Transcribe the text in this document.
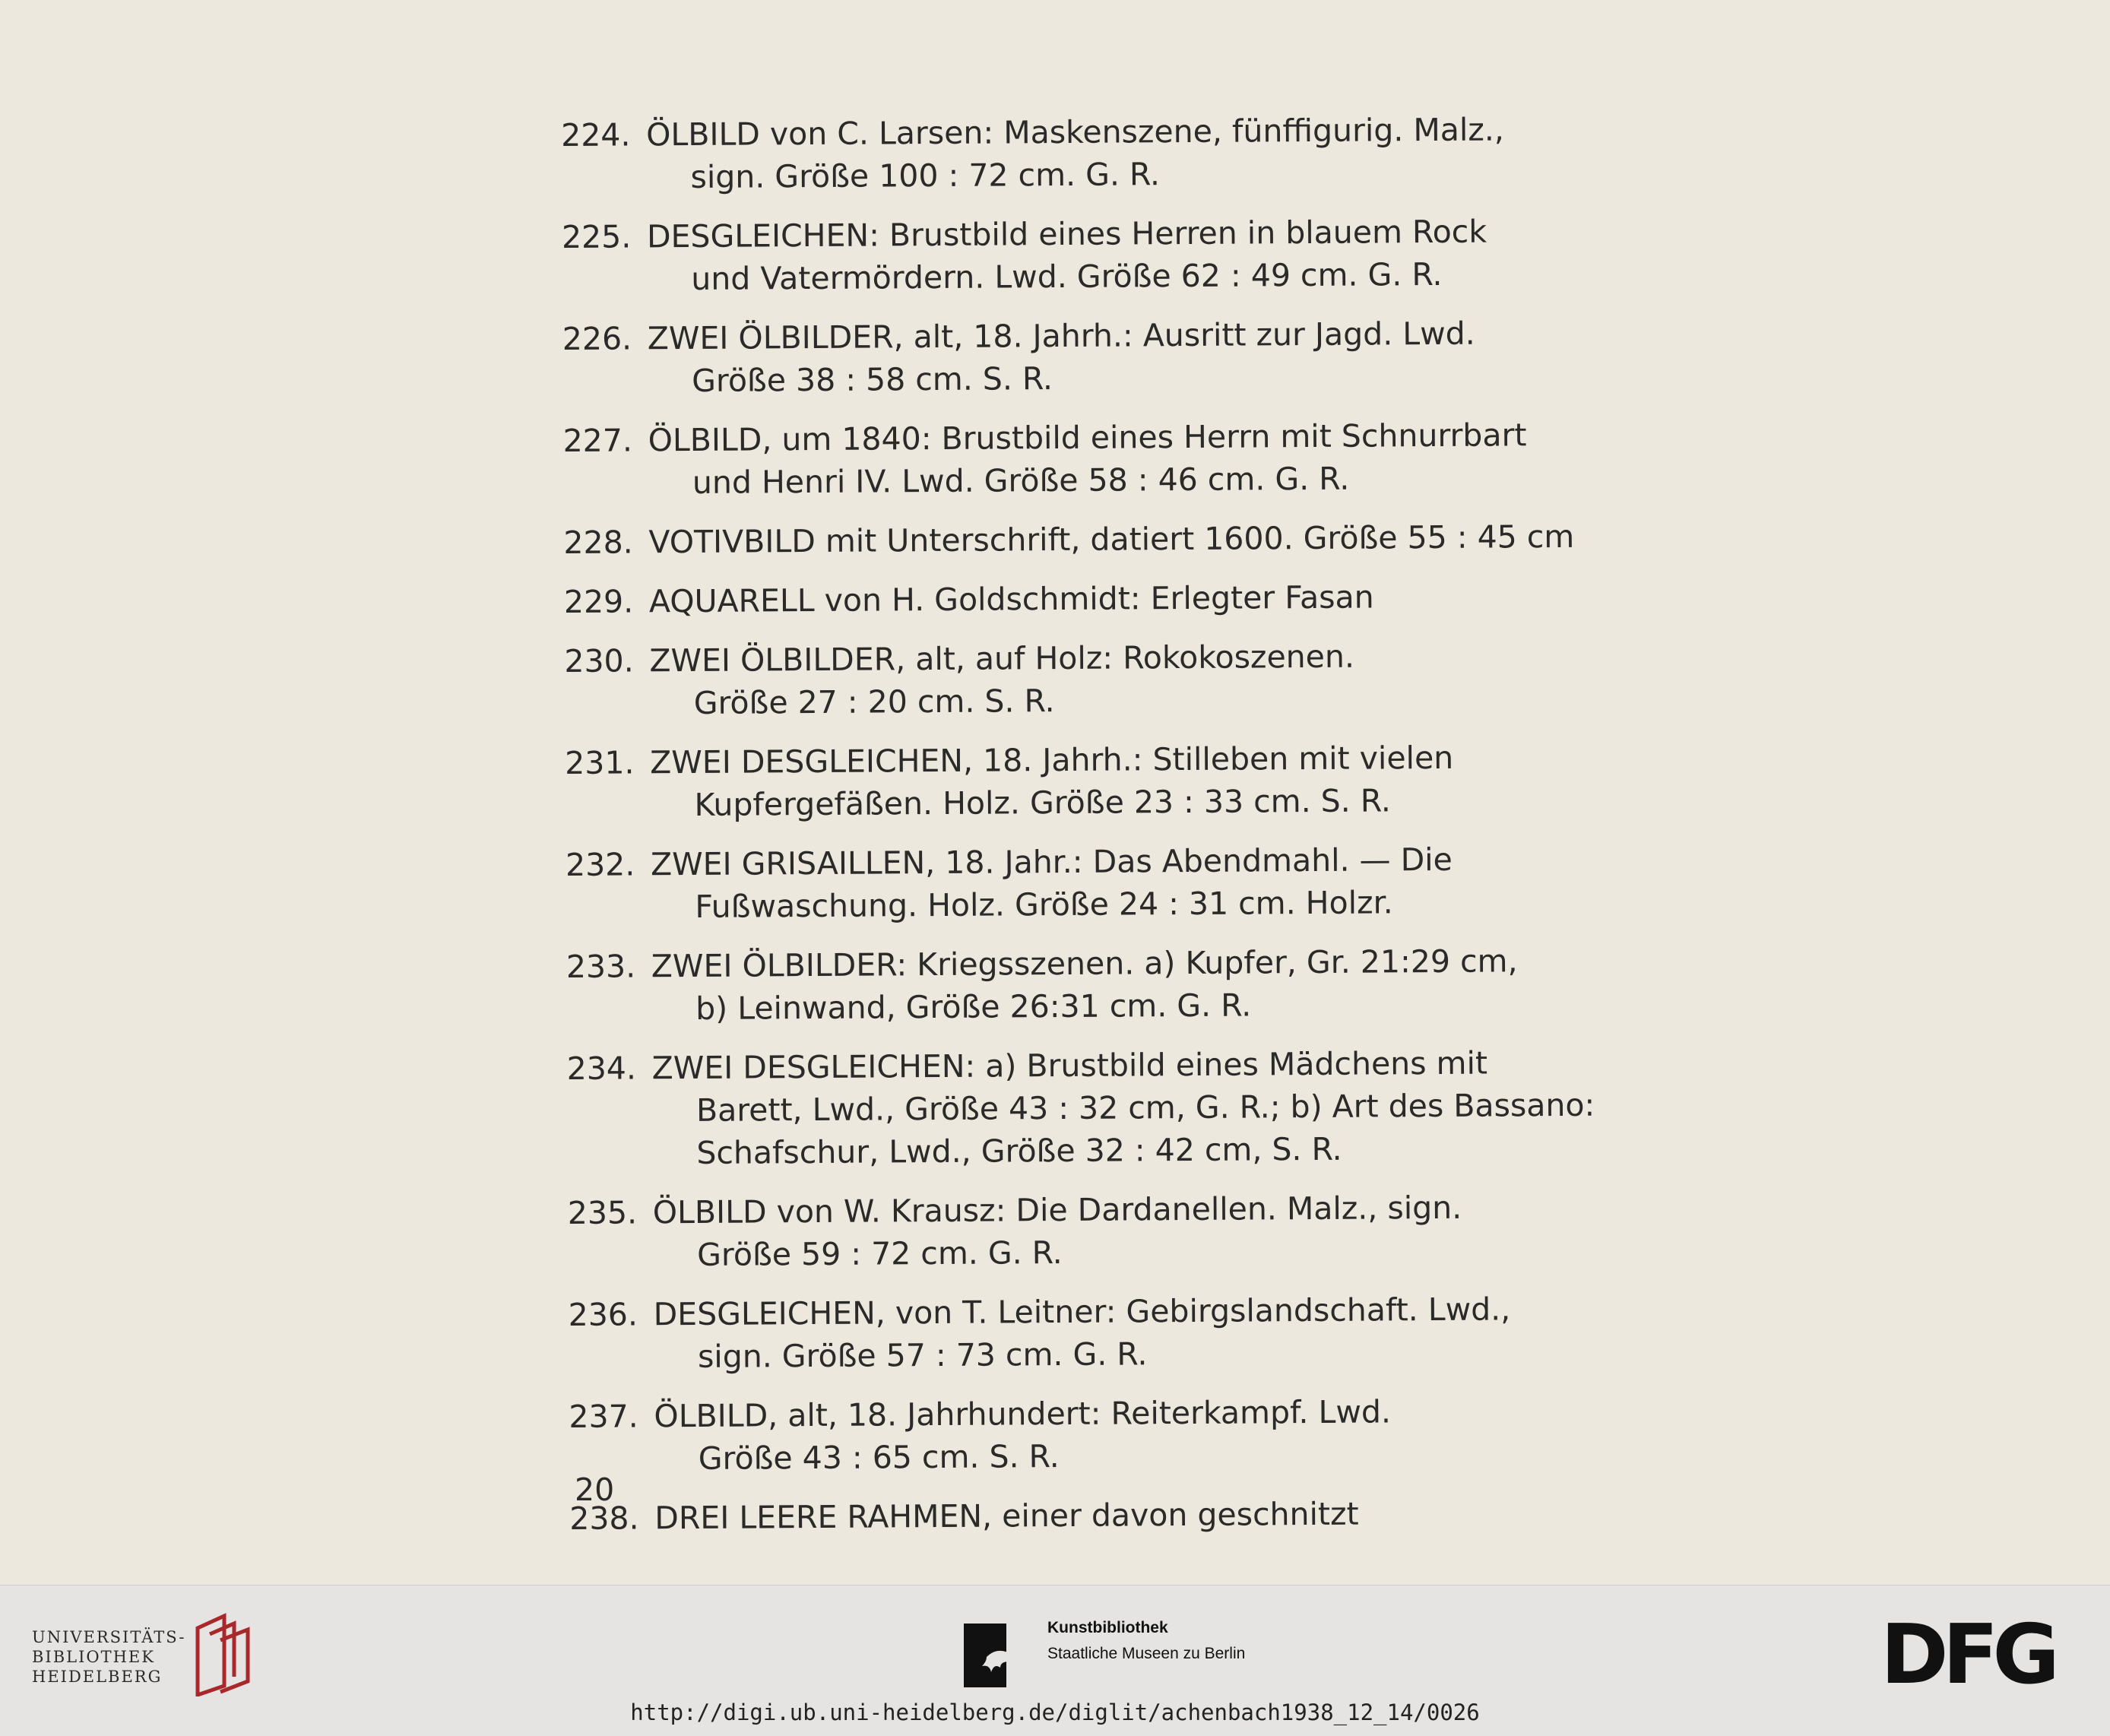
224. ÖLBILD von C. Larsen: Maskenszene, fünffigurig. Malz.,
sign. Größe 100 : 72 cm. G. R.
225. DESGLEICHEN: Brustbild eines Herren in blauem Rock
und Vatermördern. Lwd. Größe 62 : 49 cm. G. R.
226. ZWEI ÖLBILDER, alt, 18. Jahrh.: Ausritt zur Jagd. Lwd.
Größe 38 : 58 cm. S. R.
227. ÖLBILD, um 1840: Brustbild eines Herrn mit Schnurrbart
und Henri IV. Lwd. Größe 58 : 46 cm. G. R.
228. VOTIVBILD mit Unterschrift, datiert 1600. Größe 55 : 45 cm
229. AQUARELL von H. Goldschmidt: Erlegter Fasan
230. ZWEI ÖLBILDER, alt, auf Holz: Rokokoszenen.
Größe 27 : 20 cm. S. R.
231. ZWEI DESGLEICHEN, 18. Jahrh.: Stilleben mit vielen
Kupfergefäßen. Holz. Größe 23 : 33 cm. S. R.
232. ZWEI GRISAILLEN, 18. Jahr.: Das Abendmahl. — Die
Fußwaschung. Holz. Größe 24 : 31 cm. Holzr.
233. ZWEI ÖLBILDER: Kriegsszenen. a) Kupfer, Gr. 21:29 cm,
b) Leinwand, Größe 26:31 cm. G. R.
234. ZWEI DESGLEICHEN: a) Brustbild eines Mädchens mit
Barett, Lwd., Größe 43 : 32 cm, G. R.; b) Art des Bassano:
Schafschur, Lwd., Größe 32 : 42 cm, S. R.
235. ÖLBILD von W. Krausz: Die Dardanellen. Malz., sign.
Größe 59 : 72 cm. G. R.
236. DESGLEICHEN, von T. Leitner: Gebirgslandschaft. Lwd.,
sign. Größe 57 : 73 cm. G. R.
237. ÖLBILD, alt, 18. Jahrhundert: Reiterkampf. Lwd.
Größe 43 : 65 cm. S. R.
238. DREI LEERE RAHMEN, einer davon geschnitzt
20
UNIVERSITÄTS-
BIBLIOTHEK
HEIDELBERG
Kunstbibliothek
Staatliche Museen zu Berlin	DFG
http://digi.ub.uni-heidelberg.de/diglit/achenbach1938_12_14/0026
